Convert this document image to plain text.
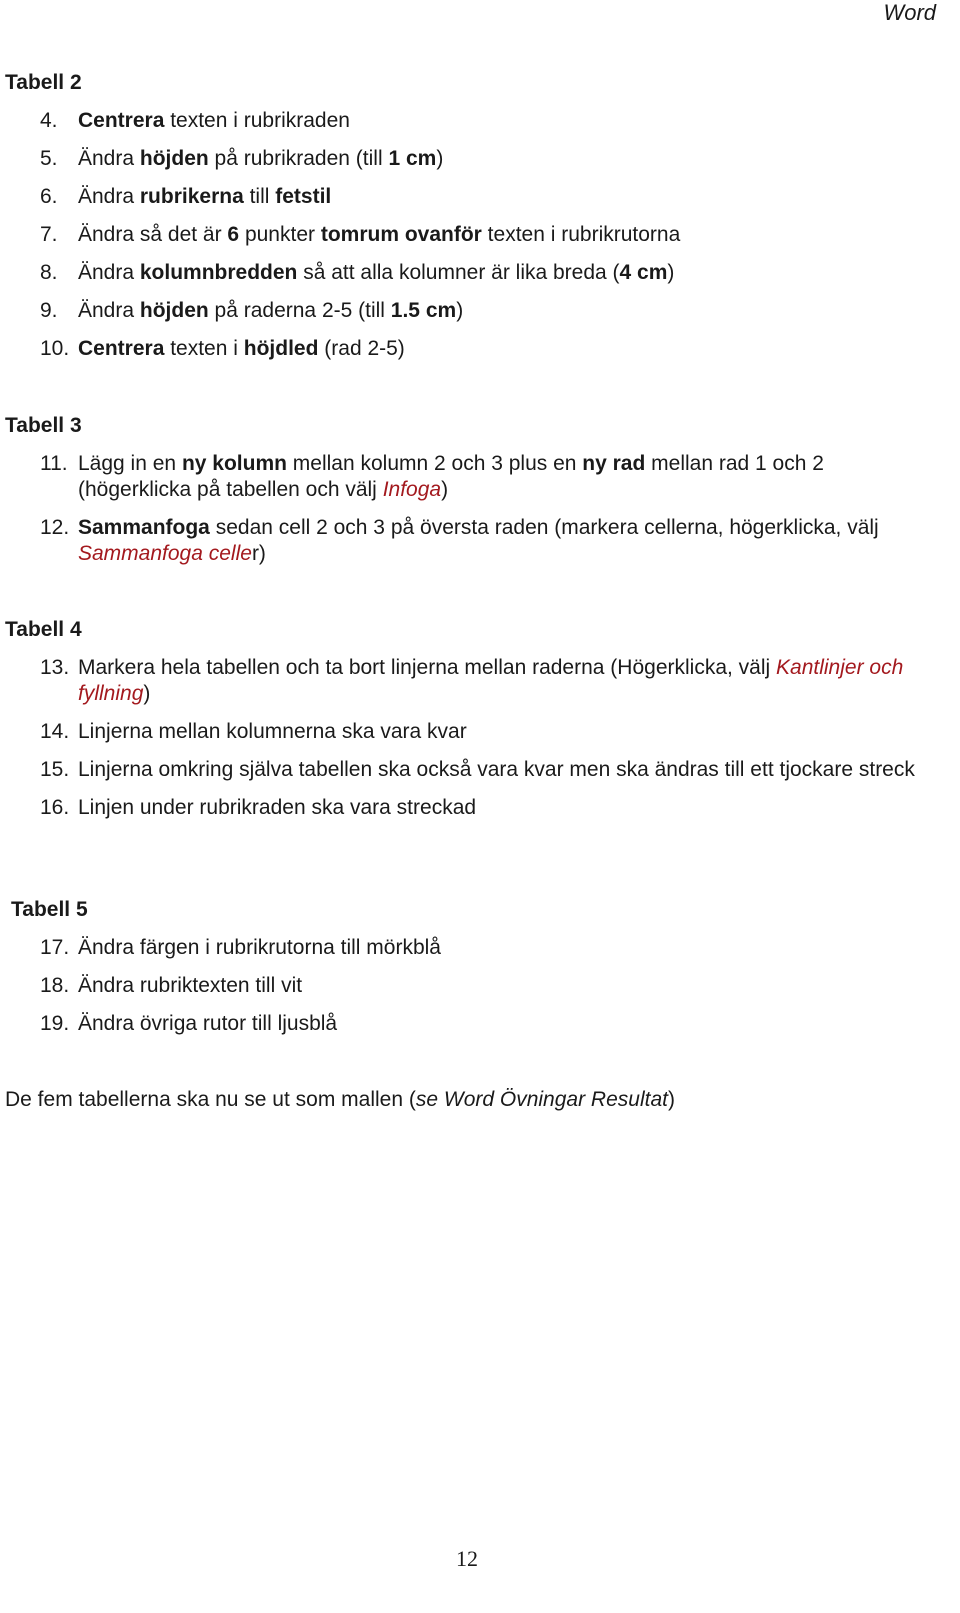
Word
Tabell 2
4. Centrera texten i rubrikraden
5. Ändra höjden på rubrikraden (till 1 cm)
6. Ändra rubrikerna till fetstil
7. Ändra så det är 6 punkter tomrum ovanför texten i rubrikrutorna
8. Ändra kolumnbredden så att alla kolumner är lika breda (4 cm)
9. Ändra höjden på raderna 2-5 (till 1.5 cm)
10. Centrera texten i höjdled (rad 2-5)
Tabell 3
11. Lägg in en ny kolumn mellan kolumn 2 och 3 plus en ny rad mellan rad 1 och 2 (högerklicka på tabellen och välj Infoga)
12. Sammanfoga sedan cell 2 och 3 på översta raden (markera cellerna, högerklicka, välj Sammanfoga celler)
Tabell 4
13. Markera hela tabellen och ta bort linjerna mellan raderna (Högerklicka, välj Kantlinjer och fyllning)
14. Linjerna mellan kolumnerna ska vara kvar
15. Linjerna omkring själva tabellen ska också vara kvar men ska ändras till ett tjockare streck
16. Linjen under rubrikraden ska vara streckad
Tabell 5
17. Ändra färgen i rubrikrutorna till mörkblå
18. Ändra rubriktexten till vit
19. Ändra övriga rutor till ljusblå
De fem tabellerna ska nu se ut som mallen (se Word Övningar Resultat)
12
